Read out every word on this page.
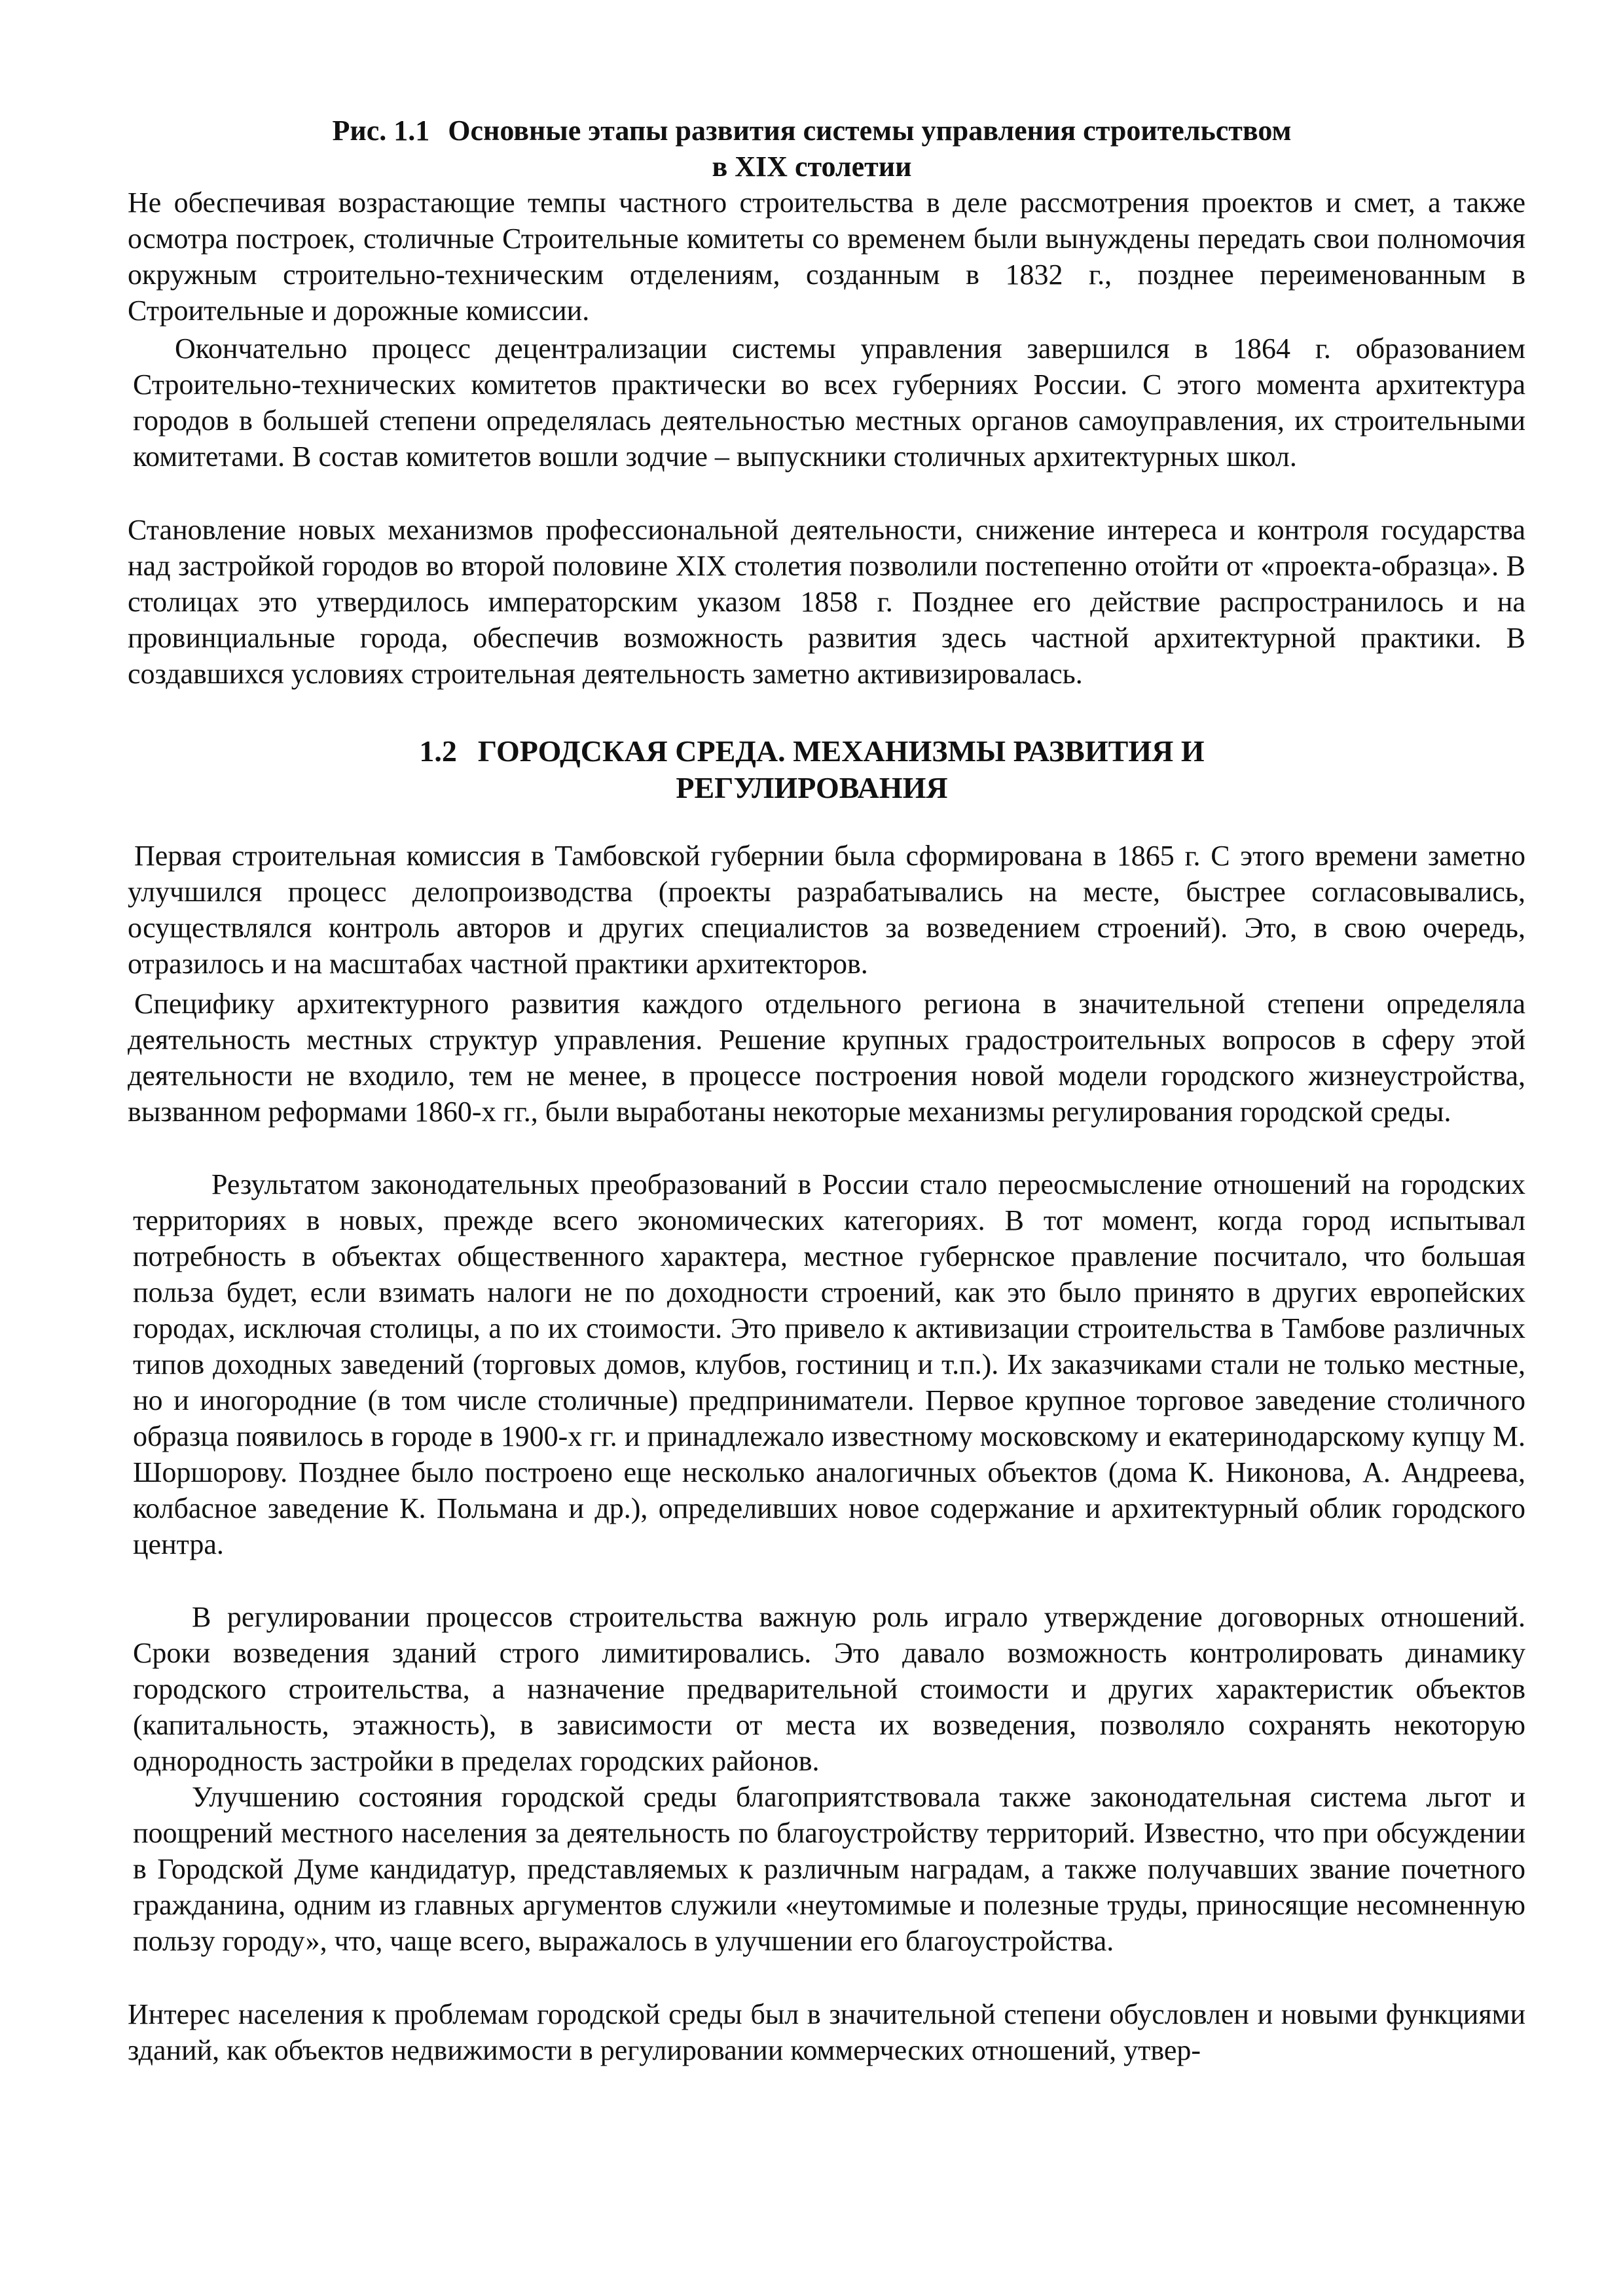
Рис. 1.1 Основные этапы развития системы управления строительством
в XIX столетии

Не обеспечивая возрастающие темпы частного строительства в деле рассмотрения проектов и смет, а также осмотра построек, столичные Строительные комитеты со временем были вынуждены передать свои полномочия окружным строительно-техническим отделениям, созданным в 1832 г., позднее переименованным в Строительные и дорожные комиссии.

Окончательно процесс децентрализации системы управления завершился в 1864 г. образованием Строительно-технических комитетов практически во всех губерниях России. С этого момента архитектура городов в большей степени определялась деятельностью местных органов самоуправления, их строительными комитетами. В состав комитетов вошли зодчие – выпускники столичных архитектурных школ.

Становление новых механизмов профессиональной деятельности, снижение интереса и контроля государства над застройкой городов во второй половине XIX столетия позволили постепенно отойти от «проекта-образца». В столицах это утвердилось императорским указом 1858 г. Позднее его действие распространилось и на провинциальные города, обеспечив возможность развития здесь частной архитектурной практики. В создавшихся условиях строительная деятельность заметно активизировалась.

1.2 ГОРОДСКАЯ СРЕДА. МЕХАНИЗМЫ РАЗВИТИЯ И
РЕГУЛИРОВАНИЯ

Первая строительная комиссия в Тамбовской губернии была сформирована в 1865 г. С этого времени заметно улучшился процесс делопроизводства (проекты разрабатывались на месте, быстрее согласовывались, осуществлялся контроль авторов и других специалистов за возведением строений). Это, в свою очередь, отразилось и на масштабах частной практики архитекторов.

Специфику архитектурного развития каждого отдельного региона в значительной степени определяла деятельность местных структур управления. Решение крупных градостроительных вопросов в сферу этой деятельности не входило, тем не менее, в процессе построения новой модели городского жизнеустройства, вызванном реформами 1860-х гг., были выработаны некоторые механизмы регулирования городской среды.

Результатом законодательных преобразований в России стало переосмысление отношений на городских территориях в новых, прежде всего экономических категориях. В тот момент, когда город испытывал потребность в объектах общественного характера, местное губернское правление посчитало, что большая польза будет, если взимать налоги не по доходности строений, как это было принято в других европейских городах, исключая столицы, а по их стоимости. Это привело к активизации строительства в Тамбове различных типов доходных заведений (торговых домов, клубов, гостиниц и т.п.). Их заказчиками стали не только местные, но и иногородние (в том числе столичные) предприниматели. Первое крупное торговое заведение столичного образца появилось в городе в 1900-х гг. и принадлежало известному московскому и екатеринодарскому купцу М. Шоршорову. Позднее было построено еще несколько аналогичных объектов (дома К. Никонова, А. Андреева, колбасное заведение К. Польмана и др.), определивших новое содержание и архитектурный облик городского центра.

В регулировании процессов строительства важную роль играло утверждение договорных отношений. Сроки возведения зданий строго лимитировались. Это давало возможность контролировать динамику городского строительства, а назначение предварительной стоимости и других характеристик объектов (капитальность, этажность), в зависимости от места их возведения, позволяло сохранять некоторую однородность застройки в пределах городских районов.

Улучшению состояния городской среды благоприятствовала также законодательная система льгот и поощрений местного населения за деятельность по благоустройству территорий. Известно, что при обсуждении в Городской Думе кандидатур, представляемых к различным наградам, а также получавших звание почетного гражданина, одним из главных аргументов служили «неутомимые и полезные труды, приносящие несомненную пользу городу», что, чаще всего, выражалось в улучшении его благоустройства.

Интерес населения к проблемам городской среды был в значительной степени обусловлен и новыми функциями зданий, как объектов недвижимости в регулировании коммерческих отношений, утвер-
